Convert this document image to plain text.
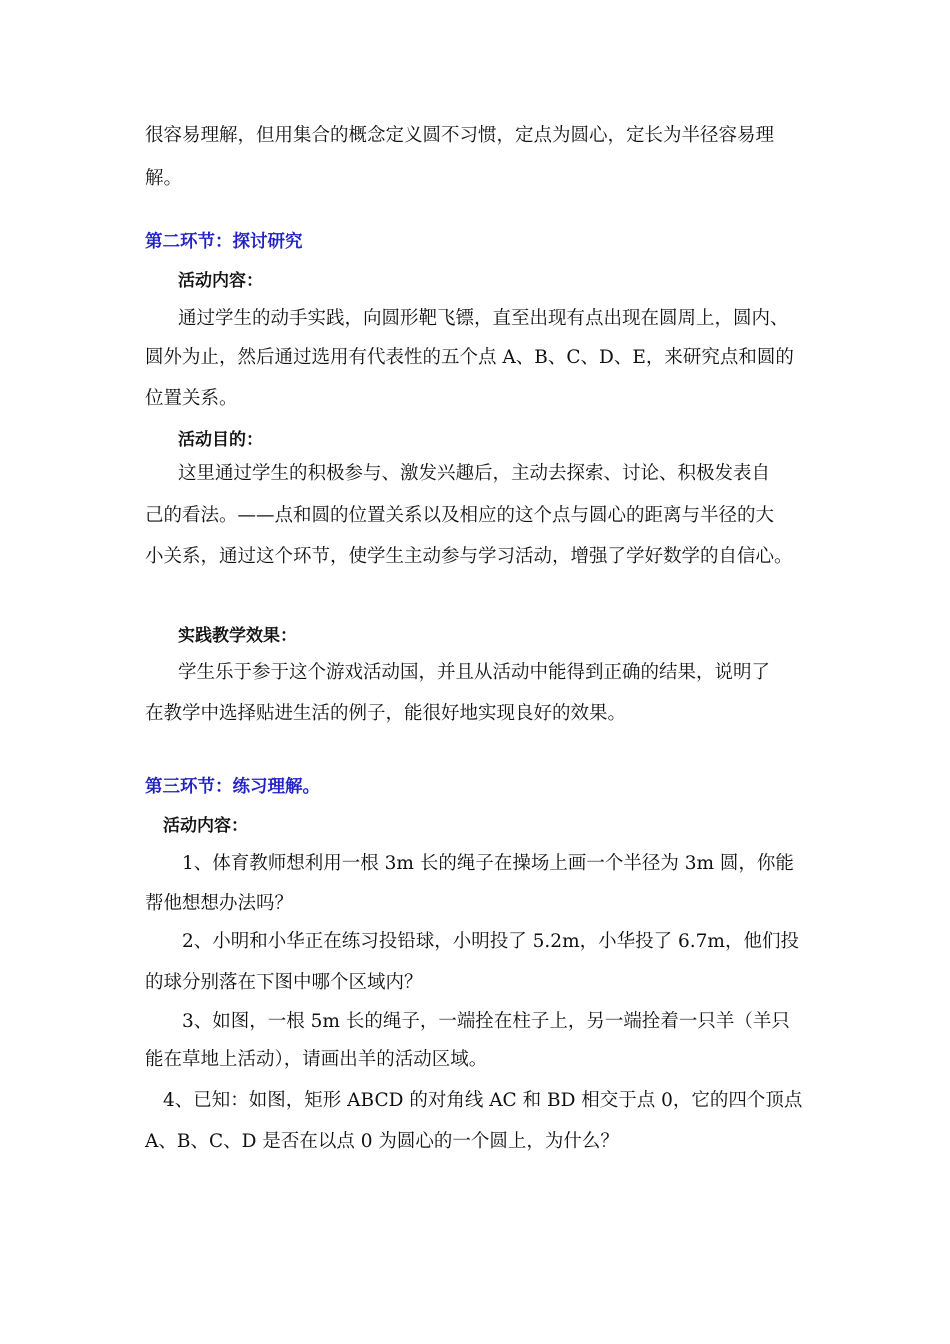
很容易理解，但用集合的概念定义圆不习惯，定点为圆心，定长为半径容易理
解。
第二环节：探讨研究
活动内容：
通过学生的动手实践，向圆形靶飞镖，直至出现有点出现在圆周上，圆内、
圆外为止，然后通过选用有代表性的五个点 A、B、C、D、E，来研究点和圆的
位置关系。
活动目的：
这里通过学生的积极参与、激发兴趣后，主动去探索、讨论、积极发表自
己的看法。——点和圆的位置关系以及相应的这个点与圆心的距离与半径的大
小关系，通过这个环节，使学生主动参与学习活动，增强了学好数学的自信心。
实践教学效果：
学生乐于参于这个游戏活动国，并且从活动中能得到正确的结果，说明了
在教学中选择贴进生活的例子，能很好地实现良好的效果。
第三环节：练习理解。
活动内容：
1、体育教师想利用一根 3m 长的绳子在操场上画一个半径为 3m 圆，你能
帮他想想办法吗？
2、小明和小华正在练习投铅球，小明投了 5.2m，小华投了 6.7m，他们投
的球分别落在下图中哪个区域内？
3、如图，一根 5m 长的绳子，一端拴在柱子上，另一端拴着一只羊（羊只
能在草地上活动），请画出羊的活动区域。
4、已知：如图，矩形 ABCD 的对角线 AC 和 BD 相交于点 0，它的四个顶点
A、B、C、D 是否在以点 0 为圆心的一个圆上，为什么？
